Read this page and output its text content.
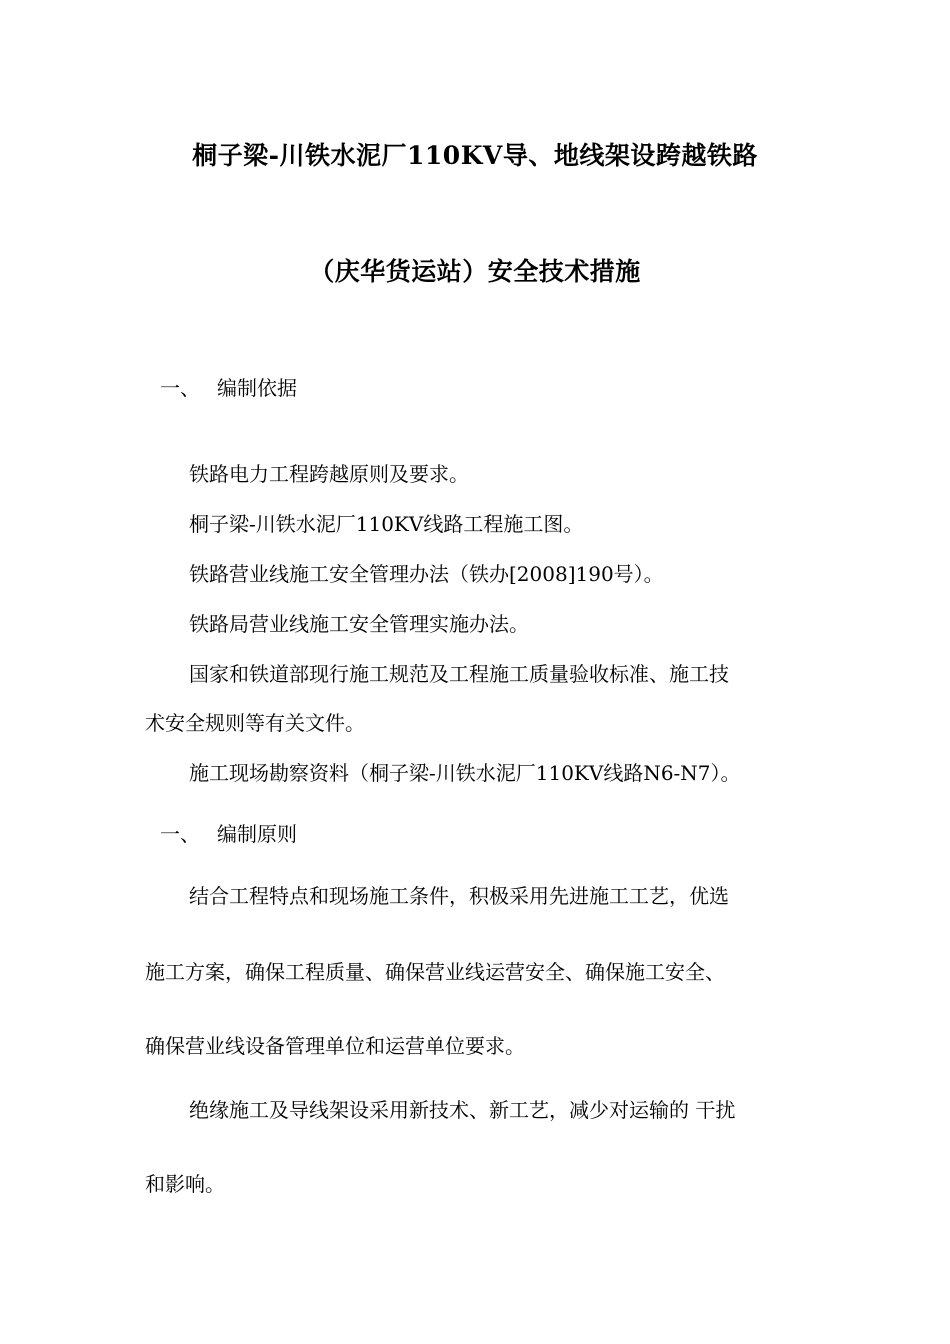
桐子梁-川铁水泥厂110KV导、地线架设跨越铁路
（庆华货运站）安全技术措施
一、 编制依据
铁路电力工程跨越原则及要求。
桐子梁-川铁水泥厂110KV线路工程施工图。
铁路营业线施工安全管理办法（铁办[2008]190号）。
铁路局营业线施工安全管理实施办法。
国家和铁道部现行施工规范及工程施工质量验收标准、施工技
术安全规则等有关文件。
施工现场勘察资料（桐子梁-川铁水泥厂110KV线路N6-N7）。
一、 编制原则
结合工程特点和现场施工条件，积极采用先进施工工艺，优选
施工方案，确保工程质量、确保营业线运营安全、确保施工安全、
确保营业线设备管理单位和运营单位要求。
绝缘施工及导线架设采用新技术、新工艺，减少对运输的 干扰
和影响。
